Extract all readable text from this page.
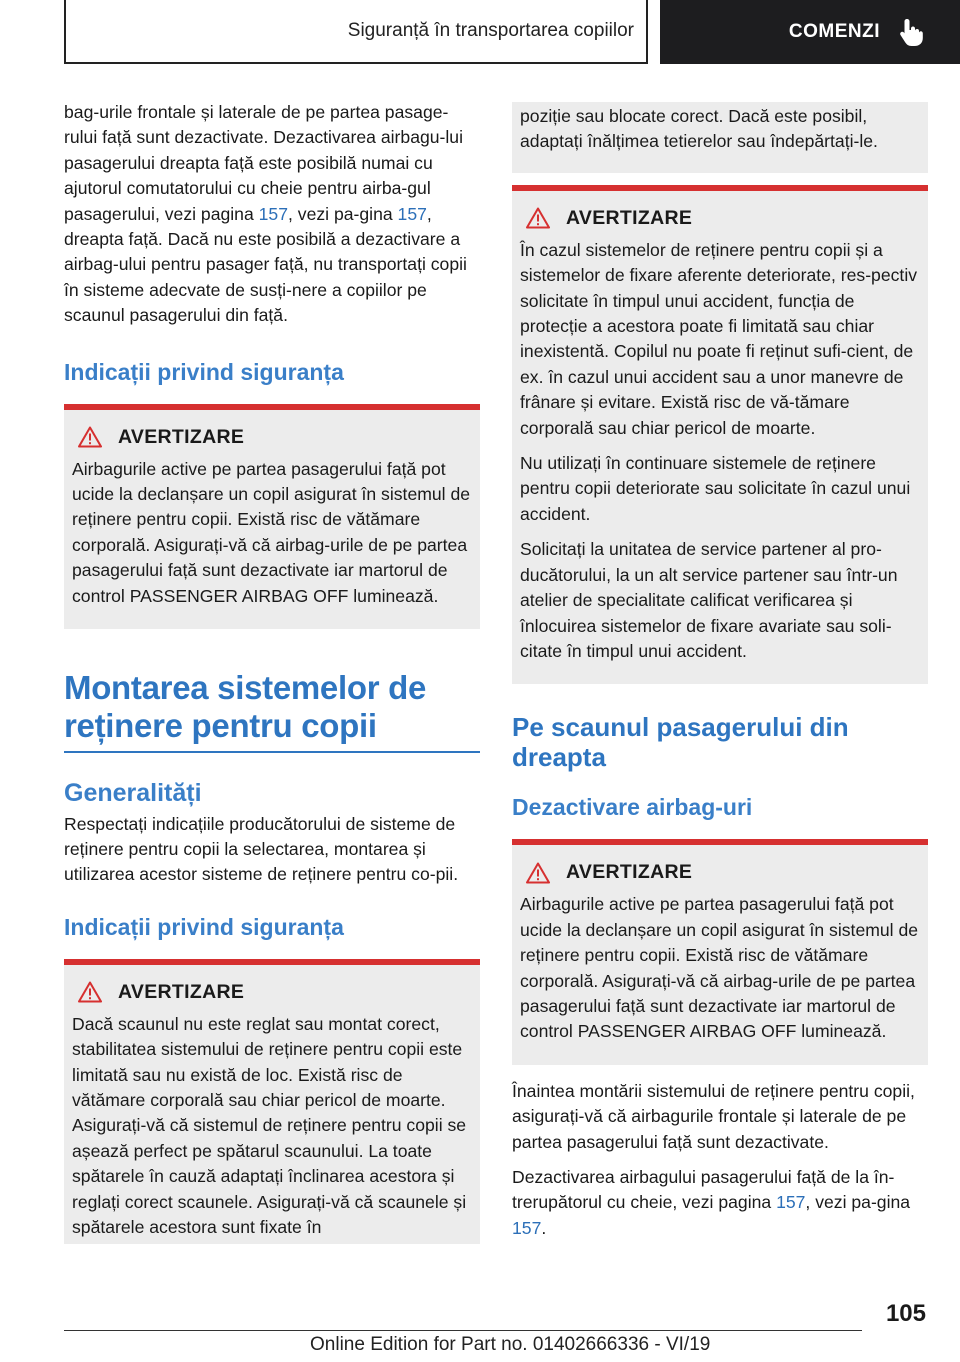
Siguranță în transportarea copiilor	COMENZI

bag-urile frontale și laterale de pe partea pasage-rului față sunt dezactivate. Dezactivarea airbagu-lui pasagerului dreapta față este posibilă numai cu ajutorul comutatorului cu cheie pentru airba-gul pasagerului, vezi pagina 157, vezi pa-gina 157, dreapta față. Dacă nu este posibilă a dezactivare a airbag-ului pentru pasager față, nu transportați copii în sisteme adecvate de susți-nere a copiilor pe scaunul pasagerului din față.

Indicații privind siguranța
AVERTIZARE

Airbagurile active pe partea pasagerului față pot ucide la declanșare un copil asigurat în sistemul de reținere pentru copii. Există risc de vătămare corporală. Asigurați-vă că airbag-urile de pe partea pasagerului față sunt dezactivate iar martorul de control PASSENGER AIRBAG OFF luminează.

Montarea sistemelor de reținere pentru copii
Generalități

Respectați indicațiile producătorului de sisteme de reținere pentru copii la selectarea, montarea și utilizarea acestor sisteme de reținere pentru co-pii.

Indicații privind siguranța
AVERTIZARE

Dacă scaunul nu este reglat sau montat corect, stabilitatea sistemului de reținere pentru copii este limitată sau nu există de loc. Există risc de vătămare corporală sau chiar pericol de moarte. Asigurați-vă că sistemul de reținere pentru copii se așează perfect pe spătarul scaunului. La toate spătarele în cauză adaptați înclinarea acestora și reglați corect scaunele. Asigurați-vă că scaunele și spătarele acestora sunt fixate în

poziție sau blocate corect. Dacă este posibil, adaptați înălțimea tetierelor sau îndepărtați-le.

AVERTIZARE

În cazul sistemelor de reținere pentru copii și a sistemelor de fixare aferente deteriorate, res-pectiv solicitate în timpul unui accident, funcția de protecție a acestora poate fi limitată sau chiar inexistentă. Copilul nu poate fi reținut sufi-cient, de ex. în cazul unui accident sau a unor manevre de frânare și evitare. Există risc de vă-tămare corporală sau chiar pericol de moarte.

Nu utilizați în continuare sistemele de reținere pentru copii deteriorate sau solicitate în cazul unui accident.

Solicitați la unitatea de service partener al pro-ducătorului, la un alt service partener sau într-un atelier de specialitate calificat verificarea și înlocuirea sistemelor de fixare avariate sau soli-citate în timpul unui accident.

Pe scaunul pasagerului din dreapta
Dezactivare airbag-uri
AVERTIZARE

Airbagurile active pe partea pasagerului față pot ucide la declanșare un copil asigurat în sistemul de reținere pentru copii. Există risc de vătămare corporală. Asigurați-vă că airbag-urile de pe partea pasagerului față sunt dezactivate iar martorul de control PASSENGER AIRBAG OFF luminează.

Înaintea montării sistemului de reținere pentru copii, asigurați-vă că airbagurile frontale și laterale de pe partea pasagerului față sunt dezactivate.

Dezactivarea airbagului pasagerului față de la în-trerupătorul cu cheie, vezi pagina 157, vezi pa-gina 157.

105
Online Edition for Part no. 01402666336 - VI/19
